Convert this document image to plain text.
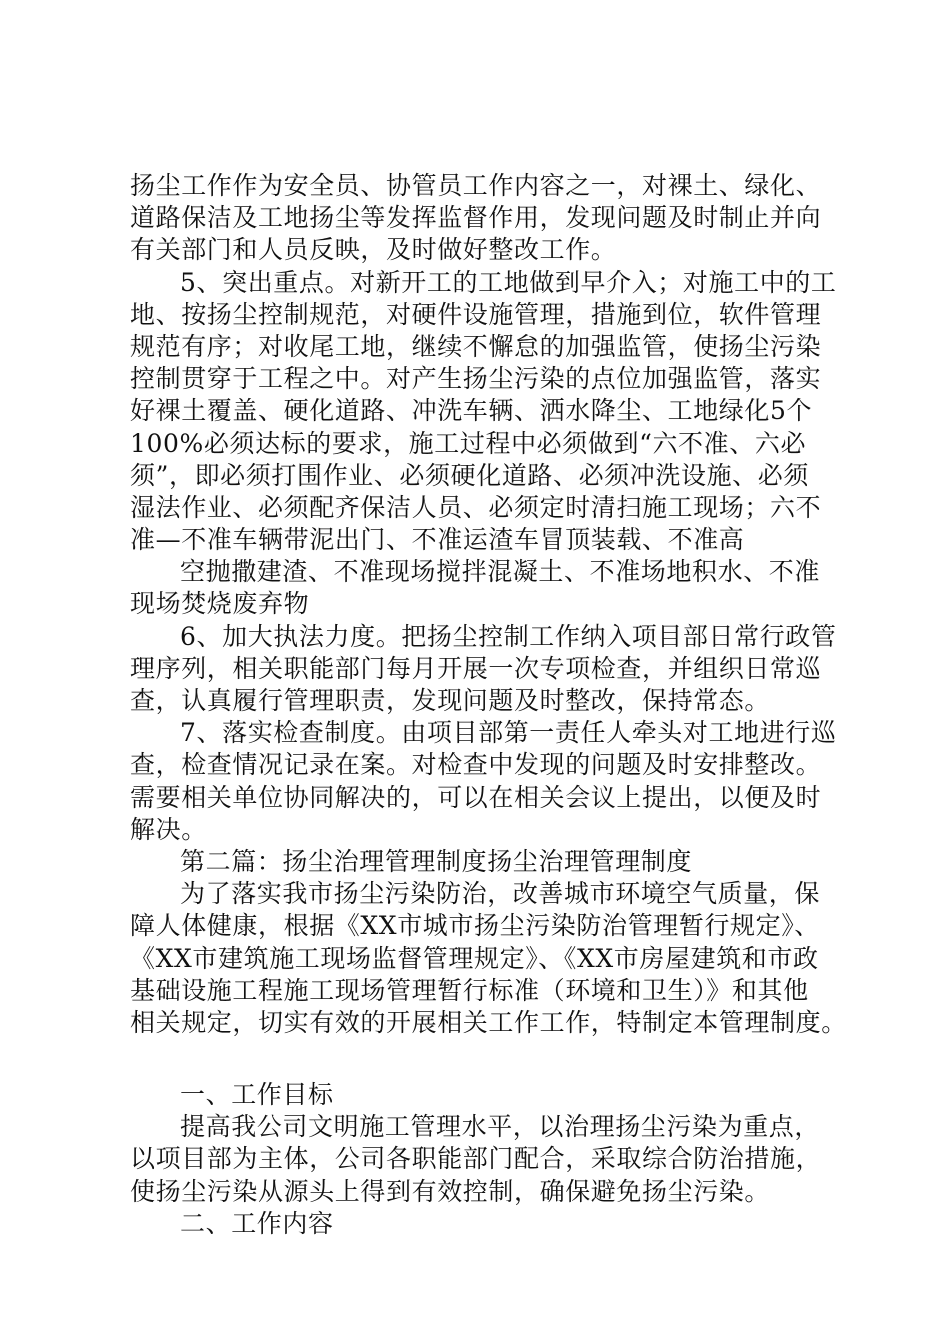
扬尘工作作为安全员、协管员工作内容之一，对裸土、绿化、
道路保洁及工地扬尘等发挥监督作用，发现问题及时制止并向
有关部门和人员反映，及时做好整改工作。
5、突出重点。对新开工的工地做到早介入；对施工中的工
地、按扬尘控制规范，对硬件设施管理，措施到位，软件管理
规范有序；对收尾工地，继续不懈怠的加强监管，使扬尘污染
控制贯穿于工程之中。对产生扬尘污染的点位加强监管，落实
好裸土覆盖、硬化道路、冲洗车辆、洒水降尘、工地绿化5个
100%必须达标的要求，施工过程中必须做到“六不准、六必
须”，即必须打围作业、必须硬化道路、必须冲洗设施、必须
湿法作业、必须配齐保洁人员、必须定时清扫施工现场；六不
准—不准车辆带泥出门、不准运渣车冒顶装载、不准高
空抛撒建渣、不准现场搅拌混凝土、不准场地积水、不准
现场焚烧废弃物
6、加大执法力度。把扬尘控制工作纳入项目部日常行政管
理序列，相关职能部门每月开展一次专项检查，并组织日常巡
查，认真履行管理职责，发现问题及时整改，保持常态。
7、落实检查制度。由项目部第一责任人牵头对工地进行巡
查，检查情况记录在案。对检查中发现的问题及时安排整改。
需要相关单位协同解决的，可以在相关会议上提出，以便及时
解决。
第二篇：扬尘治理管理制度扬尘治理管理制度
为了落实我市扬尘污染防治，改善城市环境空气质量，保
障人体健康，根据《XX市城市扬尘污染防治管理暂行规定》、
《XX市建筑施工现场监督管理规定》、《XX市房屋建筑和市政
基础设施工程施工现场管理暂行标准（环境和卫生）》和其他
相关规定，切实有效的开展相关工作工作，特制定本管理制度。
一、工作目标
提高我公司文明施工管理水平，以治理扬尘污染为重点，
以项目部为主体，公司各职能部门配合，采取综合防治措施，
使扬尘污染从源头上得到有效控制，确保避免扬尘污染。
二、工作内容
